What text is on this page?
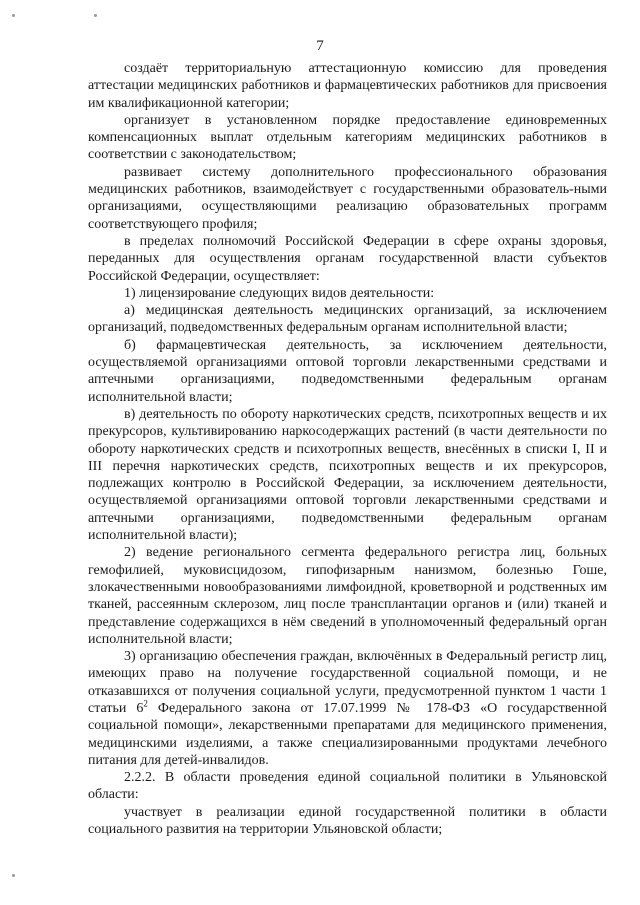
7

создаёт территориальную аттестационную комиссию для проведения аттестации медицинских работников и фармацевтических работников для присвоения им квалификационной категории;

организует в установленном порядке предоставление единовременных компенсационных выплат отдельным категориям медицинских работников в соответствии с законодательством;

развивает систему дополнительного профессионального образования медицинских работников, взаимодействует с государственными образователь-ными организациями, осуществляющими реализацию образовательных программ соответствующего профиля;

в пределах полномочий Российской Федерации в сфере охраны здоровья, переданных для осуществления органам государственной власти субъектов Российской Федерации, осуществляет:

1) лицензирование следующих видов деятельности:

а) медицинская деятельность медицинских организаций, за исключением организаций, подведомственных федеральным органам исполнительной власти;

б) фармацевтическая деятельность, за исключением деятельности, осуществляемой организациями оптовой торговли лекарственными средствами и аптечными организациями, подведомственными федеральным органам исполнительной власти;

в) деятельность по обороту наркотических средств, психотропных веществ и их прекурсоров, культивированию наркосодержащих растений (в части деятельности по обороту наркотических средств и психотропных веществ, внесённых в списки I, II и III перечня наркотических средств, психотропных веществ и их прекурсоров, подлежащих контролю в Российской Федерации, за исключением деятельности, осуществляемой организациями оптовой торговли лекарственными средствами и аптечными организациями, подведомственными федеральным органам исполнительной власти);

2) ведение регионального сегмента федерального регистра лиц, больных гемофилией, муковисцидозом, гипофизарным нанизмом, болезнью Гоше, злокачественными новообразованиями лимфоидной, кроветворной и родственных им тканей, рассеянным склерозом, лиц после трансплантации органов и (или) тканей и представление содержащихся в нём сведений в уполномоченный федеральный орган исполнительной власти;

3) организацию обеспечения граждан, включённых в Федеральный регистр лиц, имеющих право на получение государственной социальной помощи, и не отказавшихся от получения социальной услуги, предусмотренной пунктом 1 части 1 статьи $6^2$ Федерального закона от 17.07.1999 № 178-ФЗ «О государственной социальной помощи», лекарственными препаратами для медицинского применения, медицинскими изделиями, а также специализированными продуктами лечебного питания для детей-инвалидов.

2.2.2. В области проведения единой социальной политики в Ульяновской области:

участвует в реализации единой государственной политики в области социального развития на территории Ульяновской области;
